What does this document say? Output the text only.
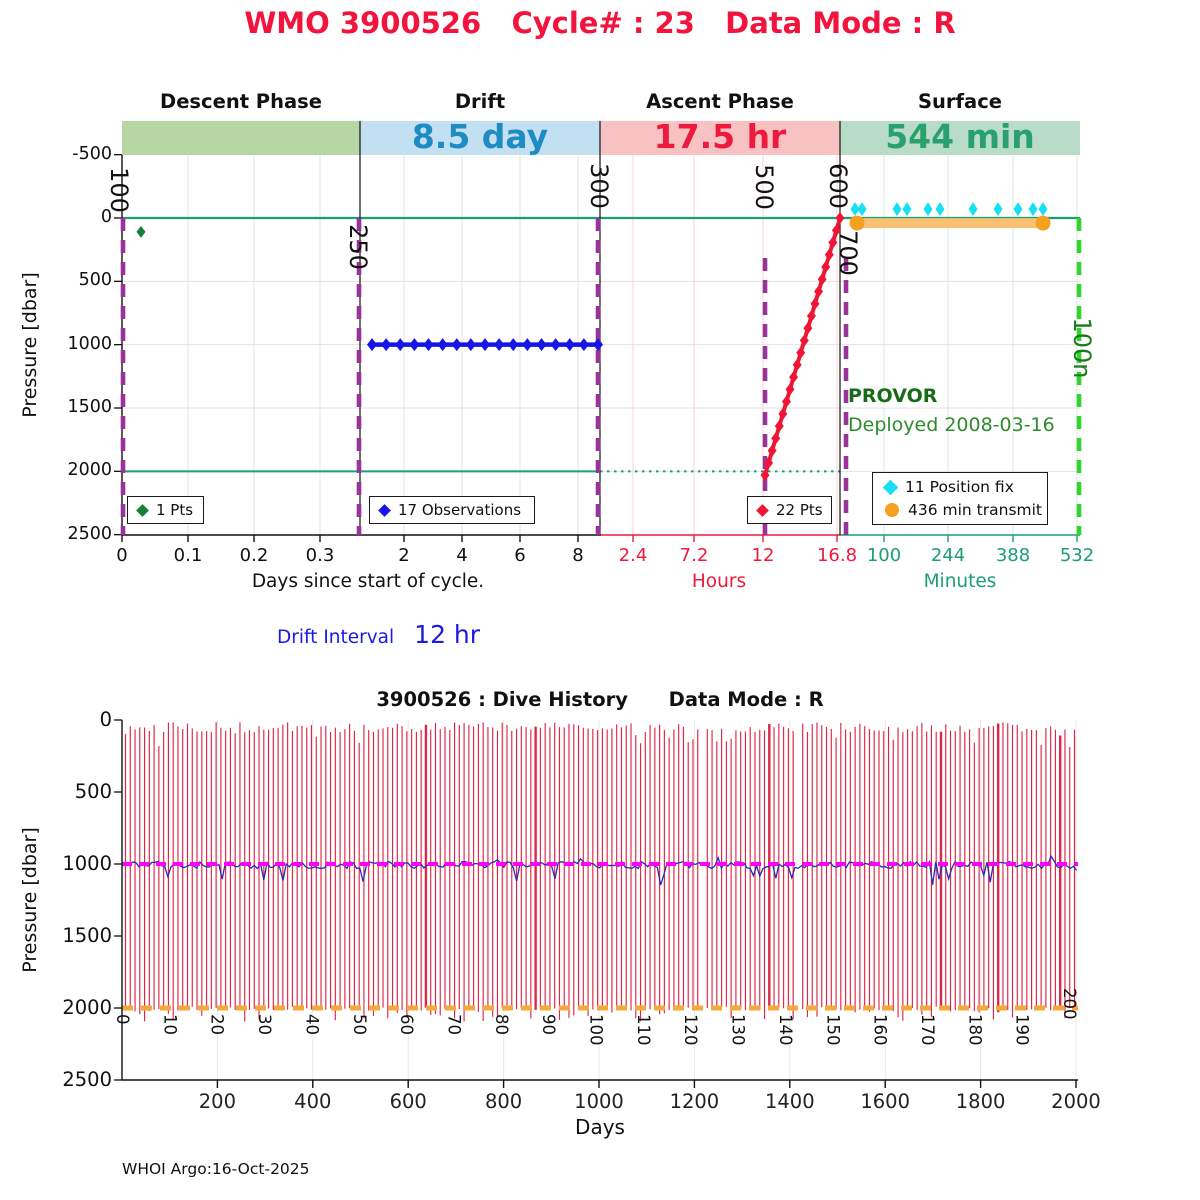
WMO 3900526   Cycle# : 23   Data Mode : R
Descent Phase	Drift	Ascent Phase	Surface
8.5 day	17.5 hr	544 min
Pressure [dbar]
Days since start of cycle.	Hours	Minutes
PROVOR
Deployed 2008-03-16
1 Pts	17 Observations	22 Pts
11 Position fix
436 min transmit
Drift Interval 12 hr
3900526 : Dive History      Data Mode : R
Pressure [dbar]
Days
WHOI Argo:16-Oct-2025
-500
0
500
1000
1500
2000
2500
0	0.1 0.2 0.3	2	4	6	8 2.4 7.2 12 16.8 100 244 388 532
100
250
300	500 600
700
100n
0
500
1000
1500
2000
2500
200	400	600	800	1000 1200 1400 1600 1800 2000
0 10 20 30 40 50 60 70 80 90 100 110 120 130 140 150 160 170 180 190
200
